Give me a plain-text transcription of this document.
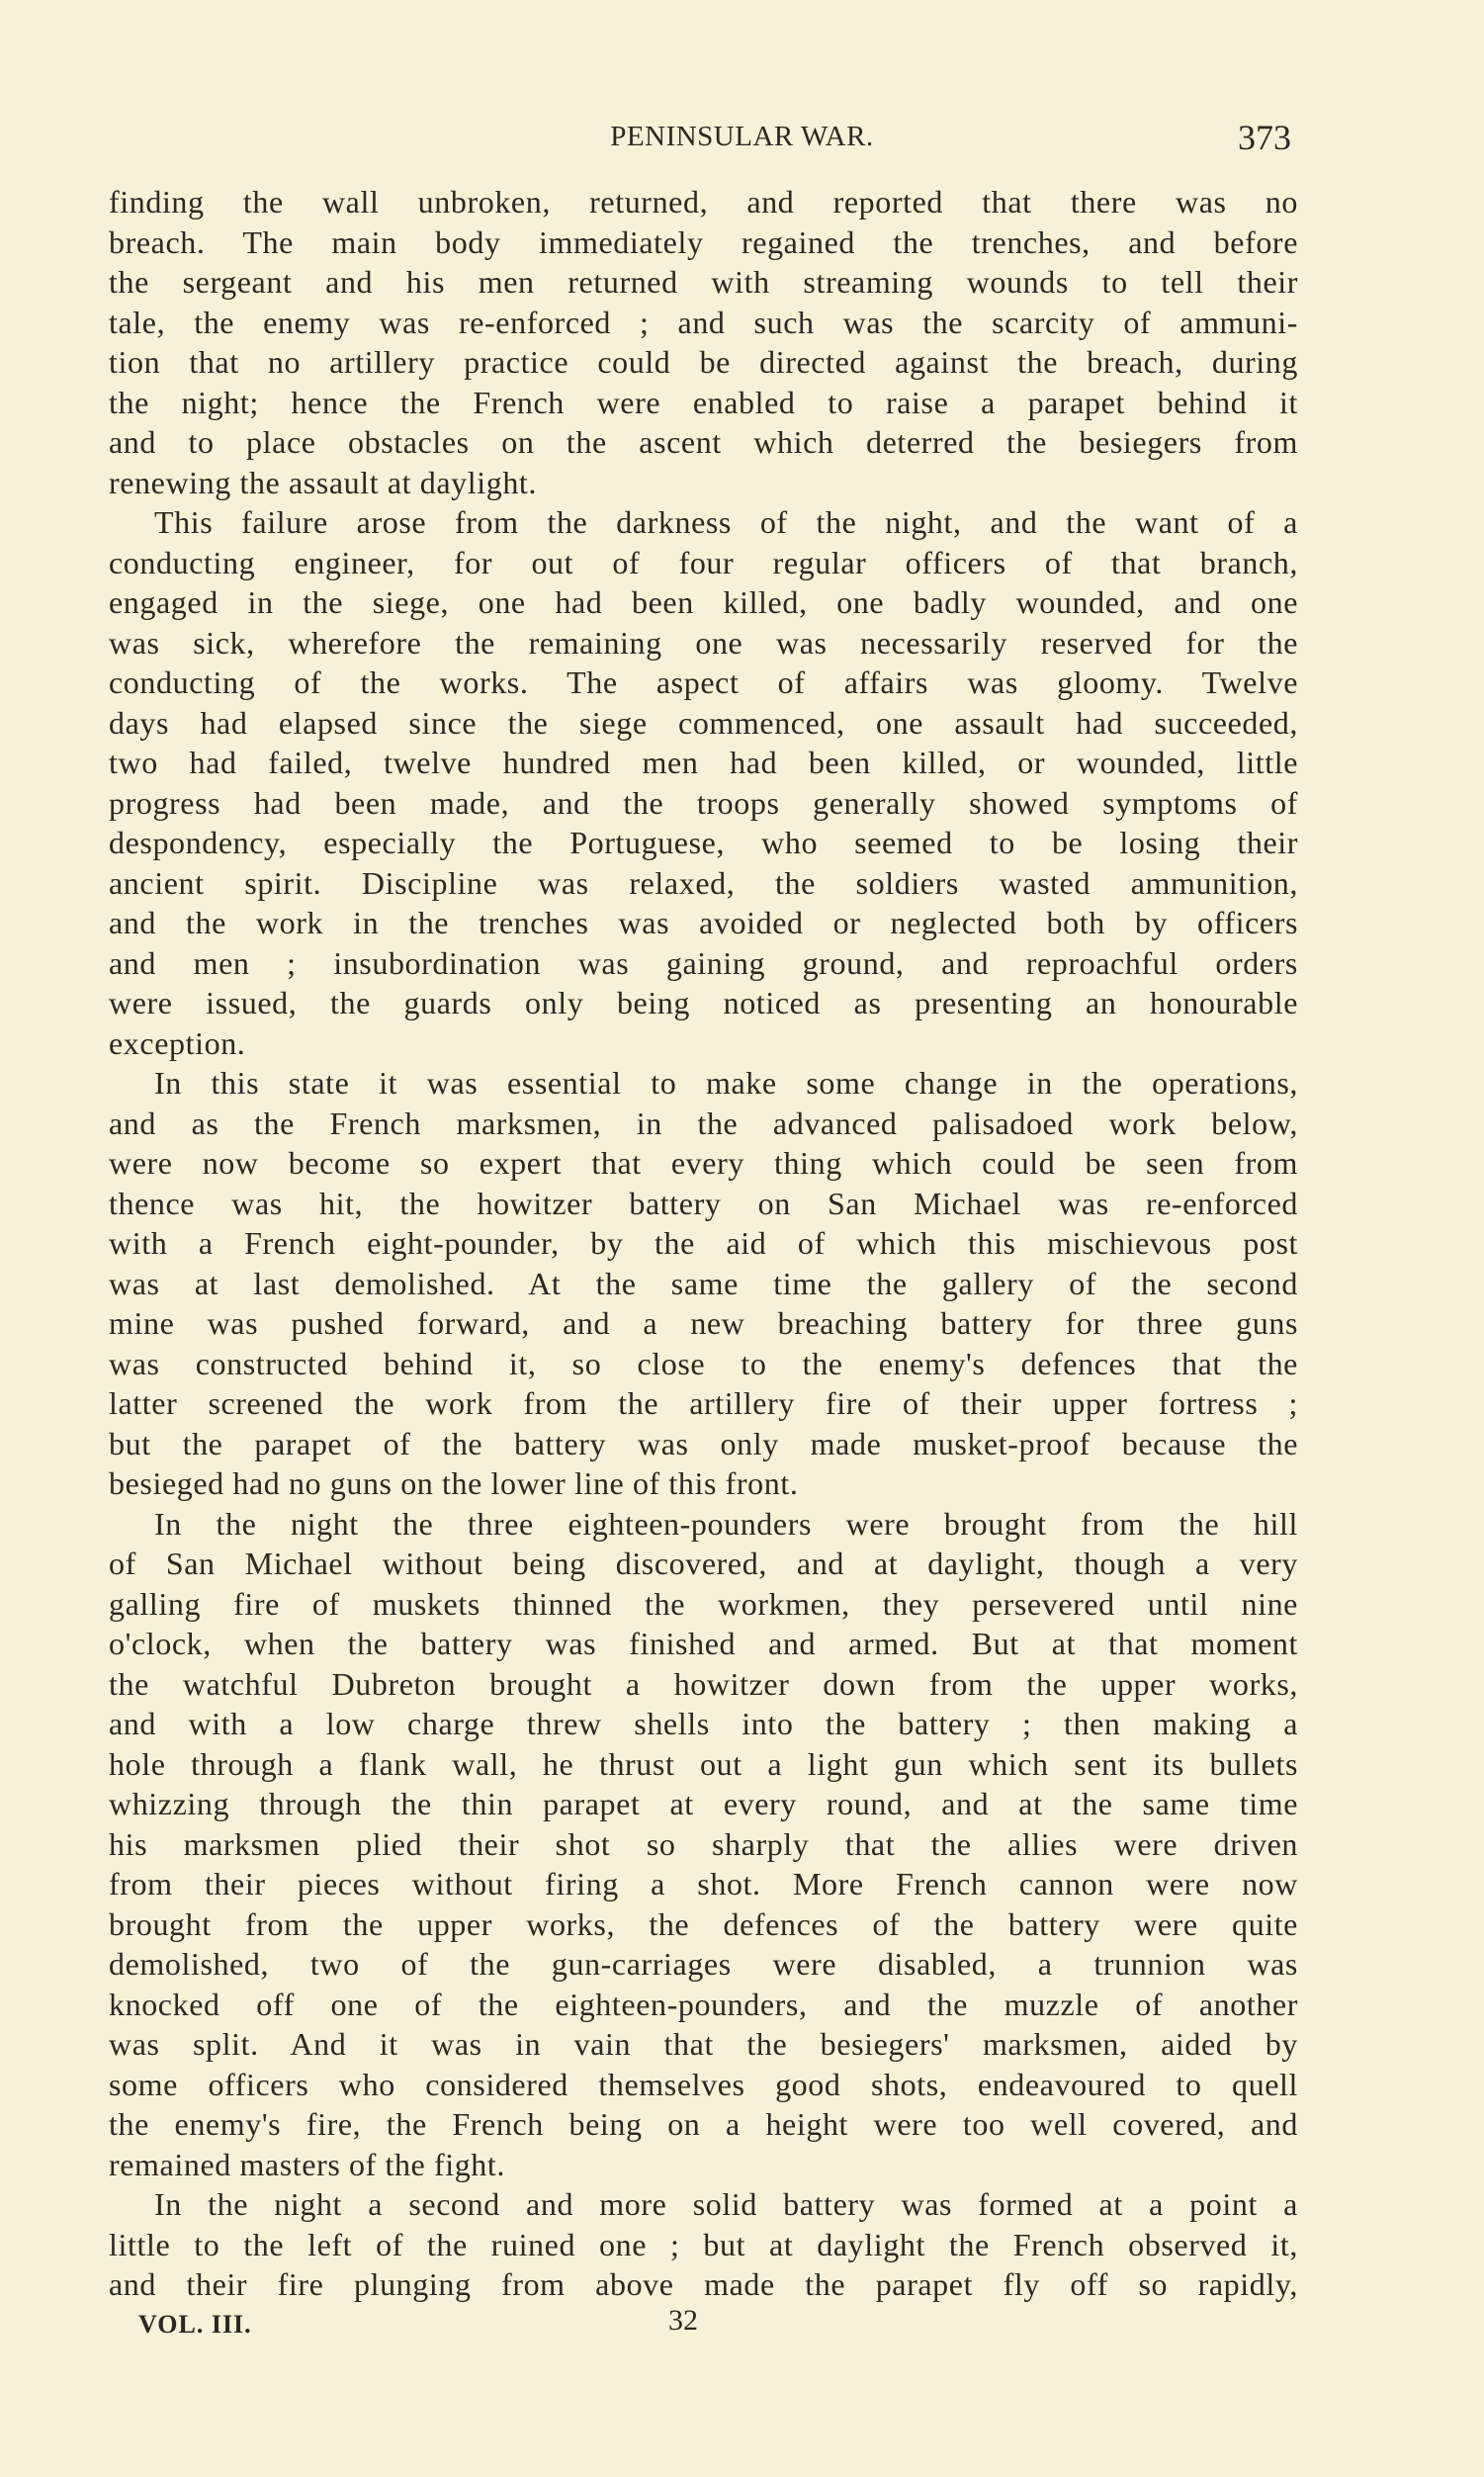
PENINSULAR WAR.	373
finding the wall unbroken, returned, and reported that there was no
breach. The main body immediately regained the trenches, and before
the sergeant and his men returned with streaming wounds to tell their
tale, the enemy was re-enforced ; and such was the scarcity of ammuni-
tion that no artillery practice could be directed against the breach, during
the night; hence the French were enabled to raise a parapet behind it
and to place obstacles on the ascent which deterred the besiegers from
renewing the assault at daylight.
This failure arose from the darkness of the night, and the want of a
conducting engineer, for out of four regular officers of that branch,
engaged in the siege, one had been killed, one badly wounded, and one
was sick, wherefore the remaining one was necessarily reserved for the
conducting of the works. The aspect of affairs was gloomy. Twelve
days had elapsed since the siege commenced, one assault had succeeded,
two had failed, twelve hundred men had been killed, or wounded, little
progress had been made, and the troops generally showed symptoms of
despondency, especially the Portuguese, who seemed to be losing their
ancient spirit. Discipline was relaxed, the soldiers wasted ammunition,
and the work in the trenches was avoided or neglected both by officers
and men ; insubordination was gaining ground, and reproachful orders
were issued, the guards only being noticed as presenting an honourable
exception.
In this state it was essential to make some change in the operations,
and as the French marksmen, in the advanced palisadoed work below,
were now become so expert that every thing which could be seen from
thence was hit, the howitzer battery on San Michael was re-enforced
with a French eight-pounder, by the aid of which this mischievous post
was at last demolished. At the same time the gallery of the second
mine was pushed forward, and a new breaching battery for three guns
was constructed behind it, so close to the enemy's defences that the
latter screened the work from the artillery fire of their upper fortress ;
but the parapet of the battery was only made musket-proof because the
besieged had no guns on the lower line of this front.
In the night the three eighteen-pounders were brought from the hill
of San Michael without being discovered, and at daylight, though a very
galling fire of muskets thinned the workmen, they persevered until nine
o'clock, when the battery was finished and armed. But at that moment
the watchful Dubreton brought a howitzer down from the upper works,
and with a low charge threw shells into the battery ; then making a
hole through a flank wall, he thrust out a light gun which sent its bullets
whizzing through the thin parapet at every round, and at the same time
his marksmen plied their shot so sharply that the allies were driven
from their pieces without firing a shot. More French cannon were now
brought from the upper works, the defences of the battery were quite
demolished, two of the gun-carriages were disabled, a trunnion was
knocked off one of the eighteen-pounders, and the muzzle of another
was split. And it was in vain that the besiegers' marksmen, aided by
some officers who considered themselves good shots, endeavoured to quell
the enemy's fire, the French being on a height were too well covered, and
remained masters of the fight.
In the night a second and more solid battery was formed at a point a
little to the left of the ruined one ; but at daylight the French observed it,
and their fire plunging from above made the parapet fly off so rapidly,
VOL. III.	32
